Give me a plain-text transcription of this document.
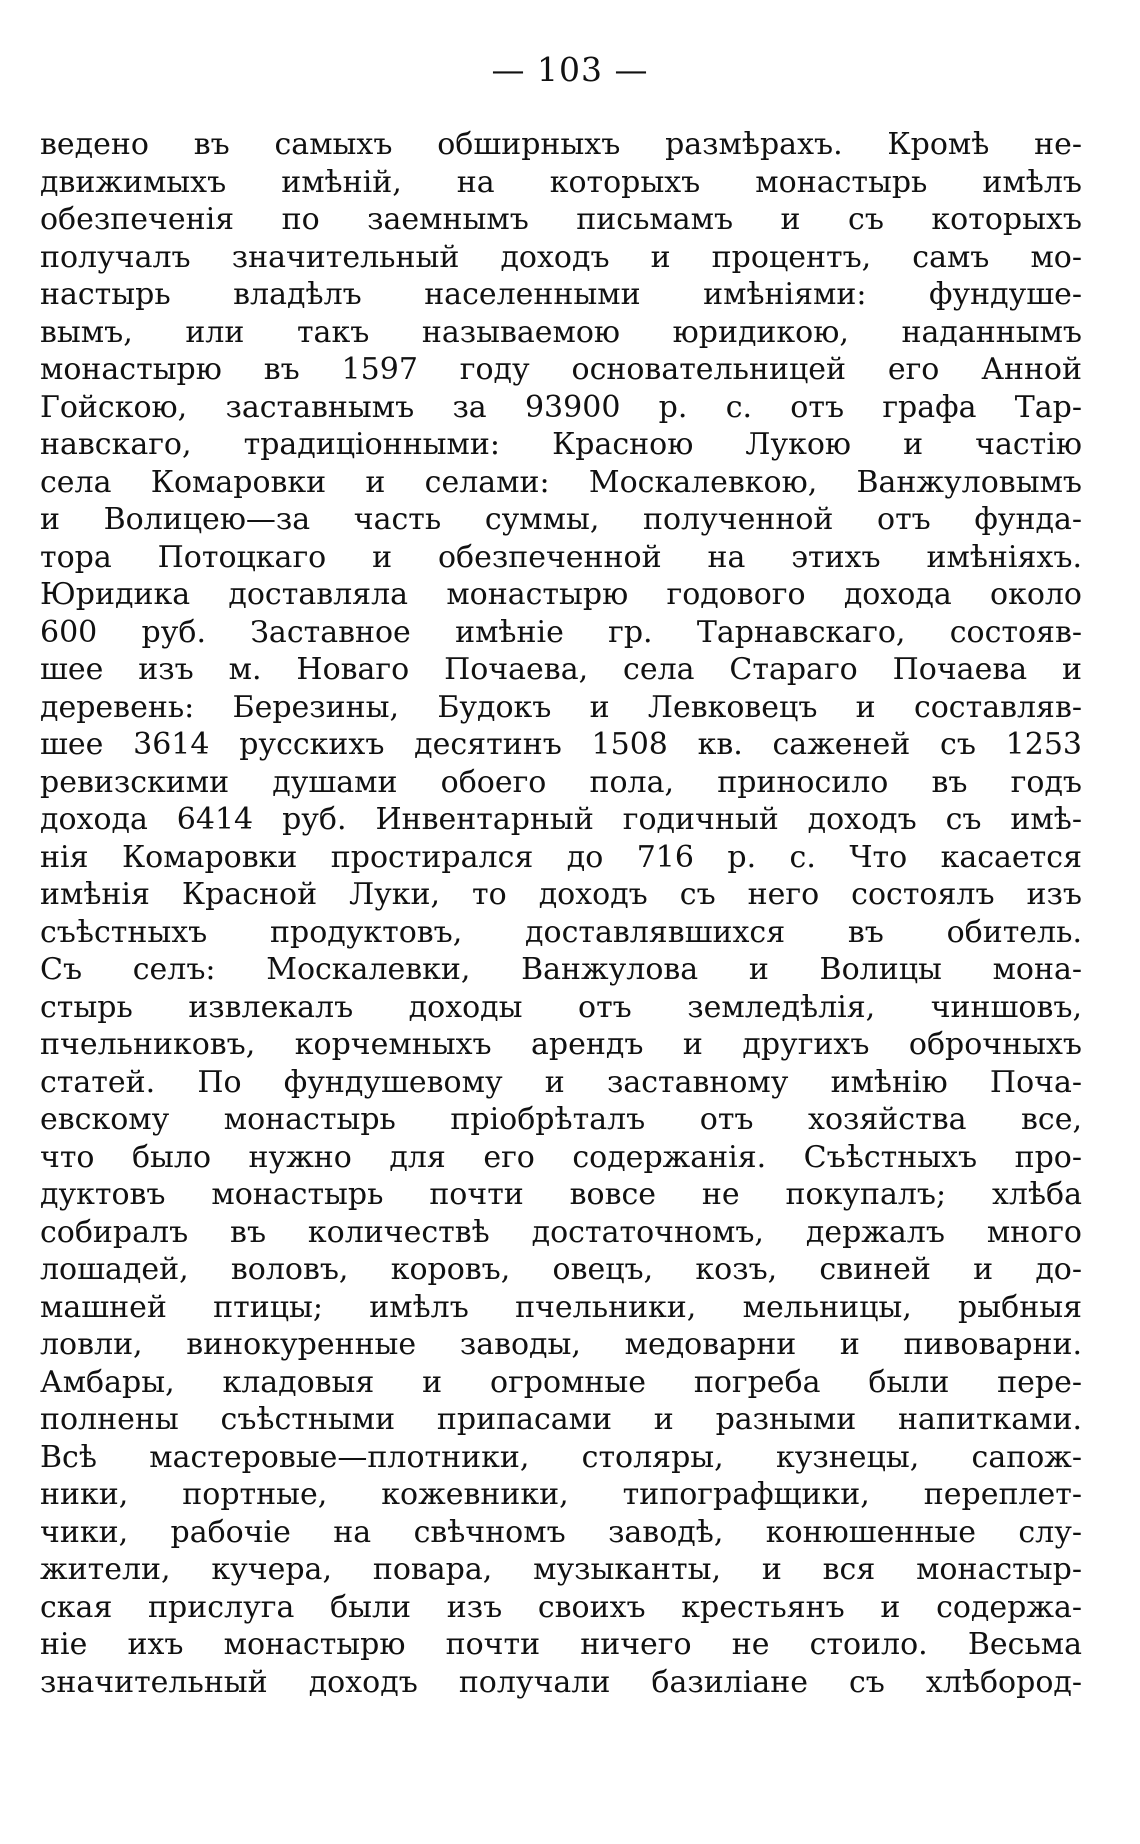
— 103 —
ведено въ самыхъ обширныхъ размѣрахъ. Кромѣ не-
движимыхъ имѣній, на которыхъ монастырь имѣлъ
обезпеченія по заемнымъ письмамъ и съ которыхъ
получалъ значительный доходъ и процентъ, самъ мо-
настырь владѣлъ населенными имѣніями: фундуше-
вымъ, или такъ называемою юридикою, наданнымъ
монастырю въ 1597 году основательницей его Анной
Гойскою, заставнымъ за 93900 р. с. отъ графа Тар-
навскаго, традиціонными: Красною Лукою и частію
села Комаровки и селами: Москалевкою, Ванжуловымъ
и Волицею—за часть суммы, полученной отъ фунда-
тора Потоцкаго и обезпеченной на этихъ имѣніяхъ.
Юридика доставляла монастырю годового дохода около
600 руб. Заставное имѣніе гр. Тарнавскаго, состояв-
шее изъ м. Новаго Почаева, села Стараго Почаева и
деревень: Березины, Будокъ и Левковецъ и составляв-
шее 3614 русскихъ десятинъ 1508 кв. саженей съ 1253
ревизскими душами обоего пола, приносило въ годъ
дохода 6414 руб. Инвентарный годичный доходъ съ имѣ-
нія Комаровки простирался до 716 р. с. Что касается
имѣнія Красной Луки, то доходъ съ него состоялъ изъ
съѣстныхъ продуктовъ, доставлявшихся въ обитель.
Съ селъ: Москалевки, Ванжулова и Волицы мона-
стырь извлекалъ доходы отъ земледѣлія, чиншовъ,
пчельниковъ, корчемныхъ арендъ и другихъ оброчныхъ
статей. По фундушевому и заставному имѣнію Поча-
евскому монастырь пріобрѣталъ отъ хозяйства все,
что было нужно для его содержанія. Съѣстныхъ про-
дуктовъ монастырь почти вовсе не покупалъ; хлѣба
собиралъ въ количествѣ достаточномъ, держалъ много
лошадей, воловъ, коровъ, овецъ, козъ, свиней и до-
машней птицы; имѣлъ пчельники, мельницы, рыбныя
ловли, винокуренные заводы, медоварни и пивоварни.
Амбары, кладовыя и огромные погреба были пере-
полнены съѣстными припасами и разными напитками.
Всѣ мастеровые—плотники, столяры, кузнецы, сапож-
ники, портные, кожевники, типографщики, переплет-
чики, рабочіе на свѣчномъ заводѣ, конюшенные слу-
жители, кучера, повара, музыканты, и вся монастыр-
ская прислуга были изъ своихъ крестьянъ и содержа-
ніе ихъ монастырю почти ничего не стоило. Весьма
значительный доходъ получали базиліане съ хлѣбород-
